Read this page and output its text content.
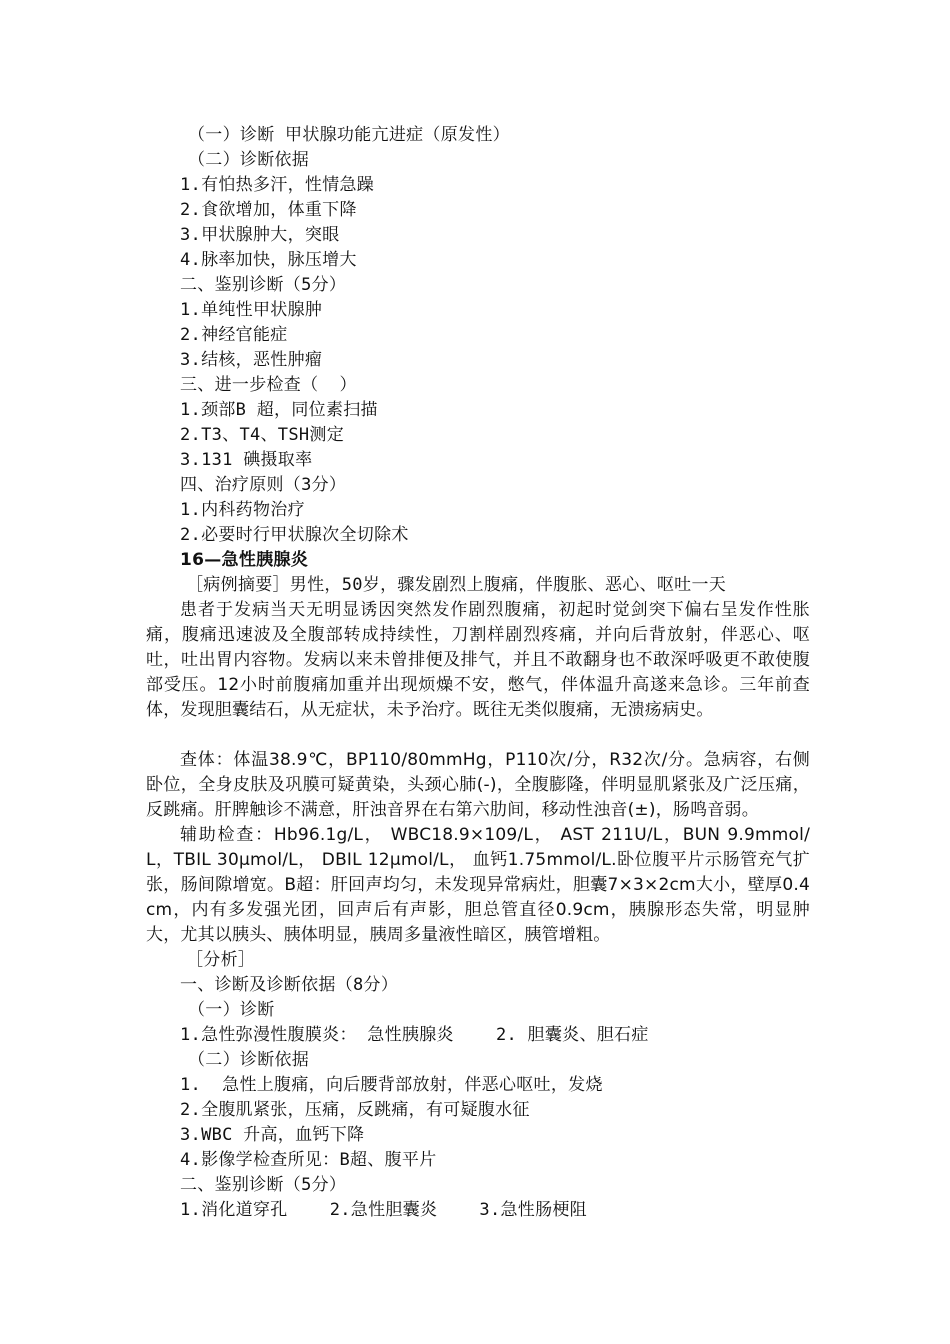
（一）诊断 甲状腺功能亢进症（原发性）
（二）诊断依据
1.有怕热多汗，性情急躁
2.食欲增加，体重下降
3.甲状腺肿大，突眼
4.脉率加快，脉压增大
二、鉴别诊断（5分）
1.单纯性甲状腺肿
2.神经官能症
3.结核，恶性肿瘤
三、进一步检查（  ）
1.颈部B 超，同位素扫描
2.T3、T4、TSH测定
3.131 碘摄取率
四、治疗原则（3分）
1.内科药物治疗
2.必要时行甲状腺次全切除术
16—急性胰腺炎
［病例摘要］男性，50岁，骤发剧烈上腹痛，伴腹胀、恶心、呕吐一天
患者于发病当天无明显诱因突然发作剧烈腹痛，初起时觉剑突下偏右呈发作性胀痛，腹痛迅速波及全腹部转成持续性，刀割样剧烈疼痛，并向后背放射，伴恶心、呕吐，吐出胃内容物。发病以来未曾排便及排气，并且不敢翻身也不敢深呼吸更不敢使腹部受压。12小时前腹痛加重并出现烦燥不安，憋气，伴体温升高遂来急诊。三年前查体，发现胆囊结石，从无症状，未予治疗。既往无类似腹痛，无溃疡病史。
查体：体温38.9℃，BP110/80mmHg，P110次/分，R32次/分。急病容，右侧卧位，全身皮肤及巩膜可疑黄染，头颈心肺(-)，全腹膨隆，伴明显肌紧张及广泛压痛，反跳痛。肝脾触诊不满意，肝浊音界在右第六肋间，移动性浊音(±)，肠鸣音弱。
辅助检查：Hb96.1g/L， WBC18.9×109/L， AST 211U/L，BUN 9.9mmol/L，TBIL 30μmol/L， DBIL 12μmol/L， 血钙1.75mmol/L.卧位腹平片示肠管充气扩张，肠间隙增宽。B超：肝回声均匀，未发现异常病灶，胆囊7×3×2cm大小，壁厚0.4cm，内有多发强光团，回声后有声影，胆总管直径0.9cm，胰腺形态失常，明显肿大，尤其以胰头、胰体明显，胰周多量液性暗区，胰管增粗。
［分析］
一、诊断及诊断依据（8分）
（一）诊断
1.急性弥漫性腹膜炎： 急性胰腺炎    2. 胆囊炎、胆石症
（二）诊断依据
1.  急性上腹痛，向后腰背部放射，伴恶心呕吐，发烧
2.全腹肌紧张，压痛，反跳痛，有可疑腹水征
3.WBC 升高，血钙下降
4.影像学检查所见：B超、腹平片
二、鉴别诊断（5分）
1.消化道穿孔    2.急性胆囊炎    3.急性肠梗阻
